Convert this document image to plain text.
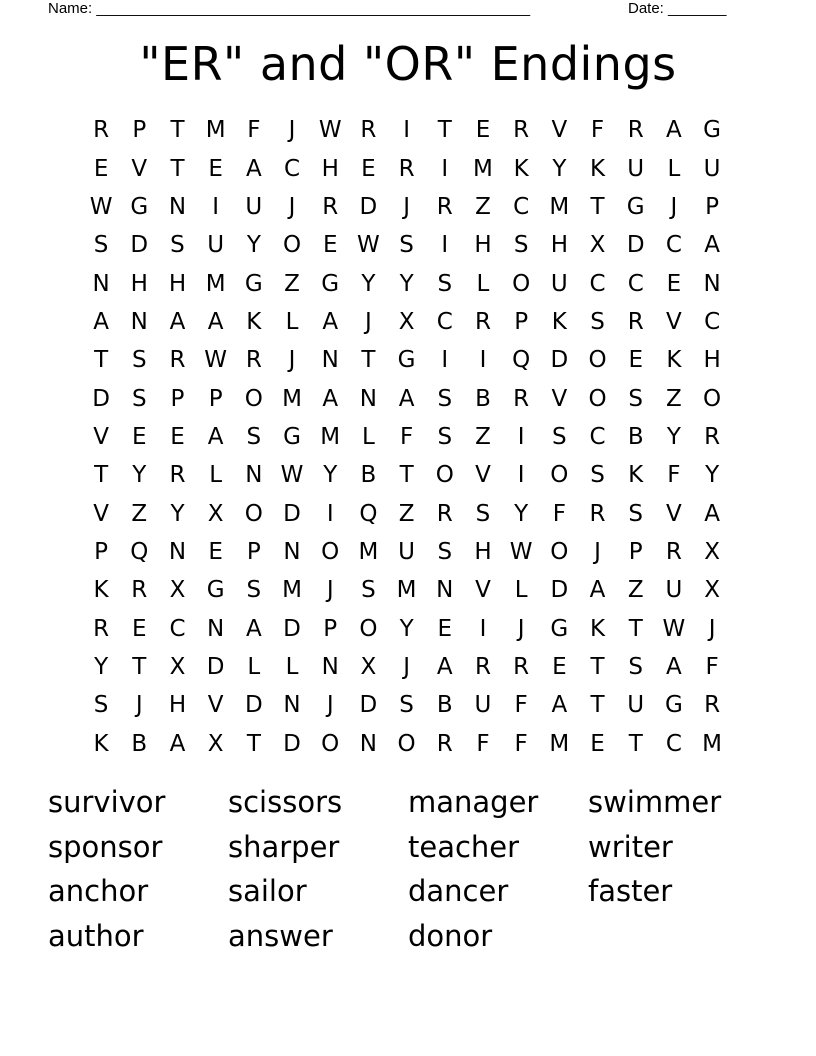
Name: ____________________________________________________

	Date: _______

"ER" and "OR" Endings
R	P	T M F	J	W R	I	T	E R V	F	R A G
E	V	T	E	A C H E R	I	M K	Y	K U	L	U
W G N	I	U	J	R D	J	R Z C M T G	J	P
S D S U Y O E W S	I	H S H X D C A
N H H M G Z G Y	Y	S	L O U C C E N
A N A A K	L	A	J	X C R	P	K	S R V C
T	S R W R	J	N T G	I	I	Q D O E	K H
D S	P	P O M A N A	S	B R V O S	Z O
V	E	E	A	S G M L	F	S	Z	I	S C B	Y	R
T	Y	R	L	N W Y	B	T O V	I	O S	K	F	Y
V Z	Y	X O D	I	Q Z R S	Y	F	R S	V A
P Q N E	P N O M U S H W O	J	P	R X
K R X G S M	J	S M N V	L D A Z U X
R E C N A D P O Y	E	I	J	G K	T W	J
Y	T	X D L	L	N X	J	A R R E	T	S	A	F
S	J	H V D N	J	D S	B U	F	A	T U G R
K B A X	T D O N O R	F	F M E	T	C M
survivor	scissors	manager	swimmer
sponsor	sharper	teacher	writer
anchor	sailor	dancer	faster
author	answer	donor
